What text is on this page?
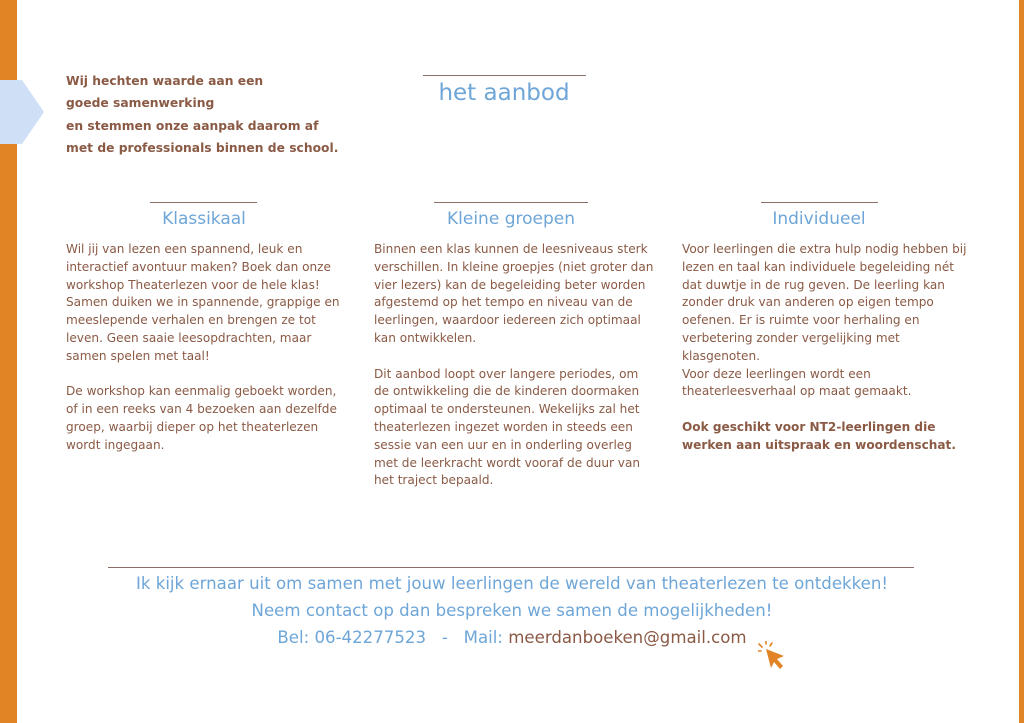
Wij hechten waarde aan een
goede samenwerking
en stemmen onze aanpak daarom af
met de professionals binnen de school.
het aanbod
Klassikaal

Wil jij van lezen een spannend, leuk en interactief avontuur maken? Boek dan onze workshop Theaterlezen voor de hele klas! Samen duiken we in spannende, grappige en meeslepende verhalen en brengen ze tot leven. Geen saaie leesopdrachten, maar samen spelen met taal!

De workshop kan eenmalig geboekt worden, of in een reeks van 4 bezoeken aan dezelfde groep, waarbij dieper op het theaterlezen wordt ingegaan.

Kleine groepen

Binnen een klas kunnen de leesniveaus sterk verschillen. In kleine groepjes (niet groter dan vier lezers) kan de begeleiding beter worden afgestemd op het tempo en niveau van de leerlingen, waardoor iedereen zich optimaal kan ontwikkelen.

Dit aanbod loopt over langere periodes, om de ontwikkeling die de kinderen doormaken optimaal te ondersteunen. Wekelijks zal het theaterlezen ingezet worden in steeds een sessie van een uur en in onderling overleg met de leerkracht wordt vooraf de duur van het traject bepaald.

Individueel

Voor leerlingen die extra hulp nodig hebben bij lezen en taal kan individuele begeleiding nét dat duwtje in de rug geven. De leerling kan zonder druk van anderen op eigen tempo oefenen. Er is ruimte voor herhaling en verbetering zonder vergelijking met klasgenoten.
Voor deze leerlingen wordt een theaterleesverhaal op maat gemaakt.

Ook geschikt voor NT2-leerlingen die werken aan uitspraak en woordenschat.

Ik kijk ernaar uit om samen met jouw leerlingen de wereld van theaterlezen te ontdekken!
Neem contact op dan bespreken we samen de mogelijkheden!
Bel: 06-42277523   -   Mail: meerdanboeken@gmail.com
